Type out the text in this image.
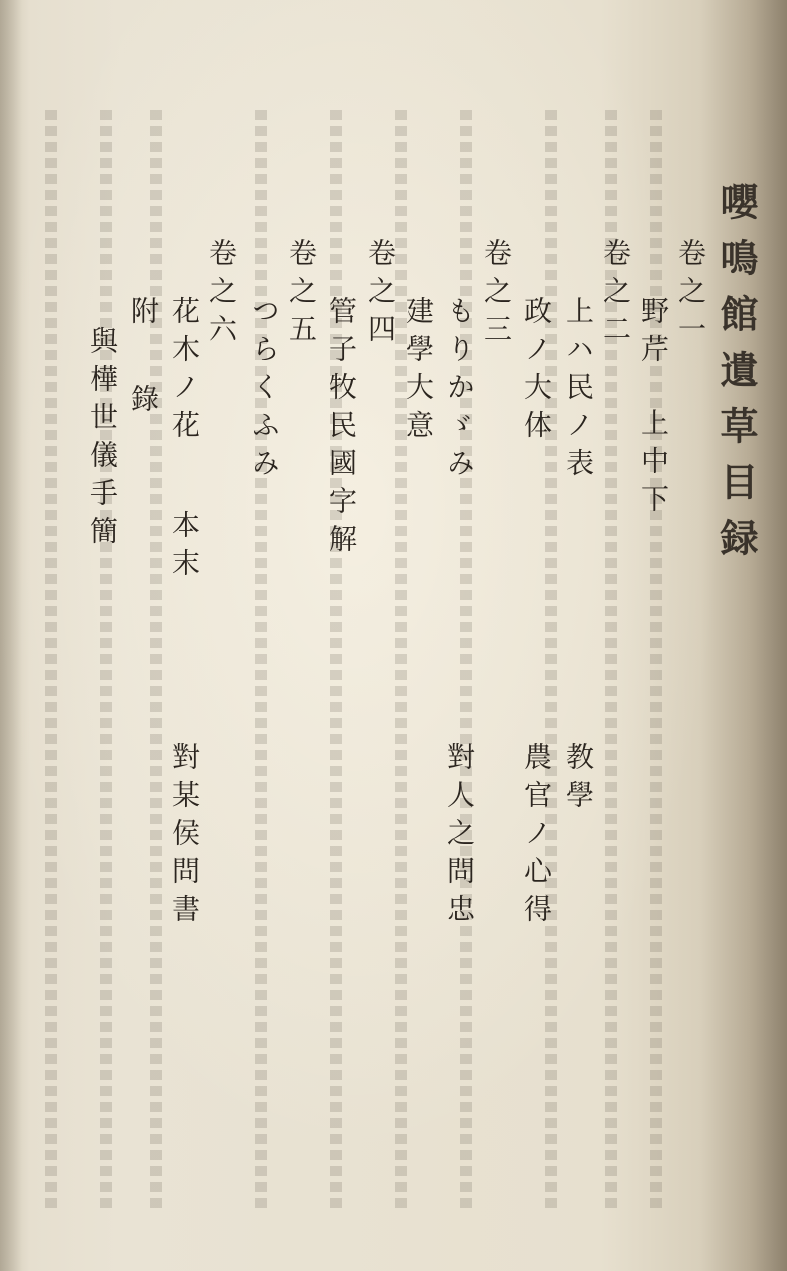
嚶鳴館遺草目録
卷之一
野芹
上中下
卷之二
上ハ民ノ表
教學
政ノ大体
農官ノ心得
卷之三
もりかゞみ
對人之問忠
建學大意
卷之四
管子牧民國字解
卷之五
つらくふみ
卷之六
花木ノ花
本末
對某侯問書
附
錄
與樺世儀手簡
